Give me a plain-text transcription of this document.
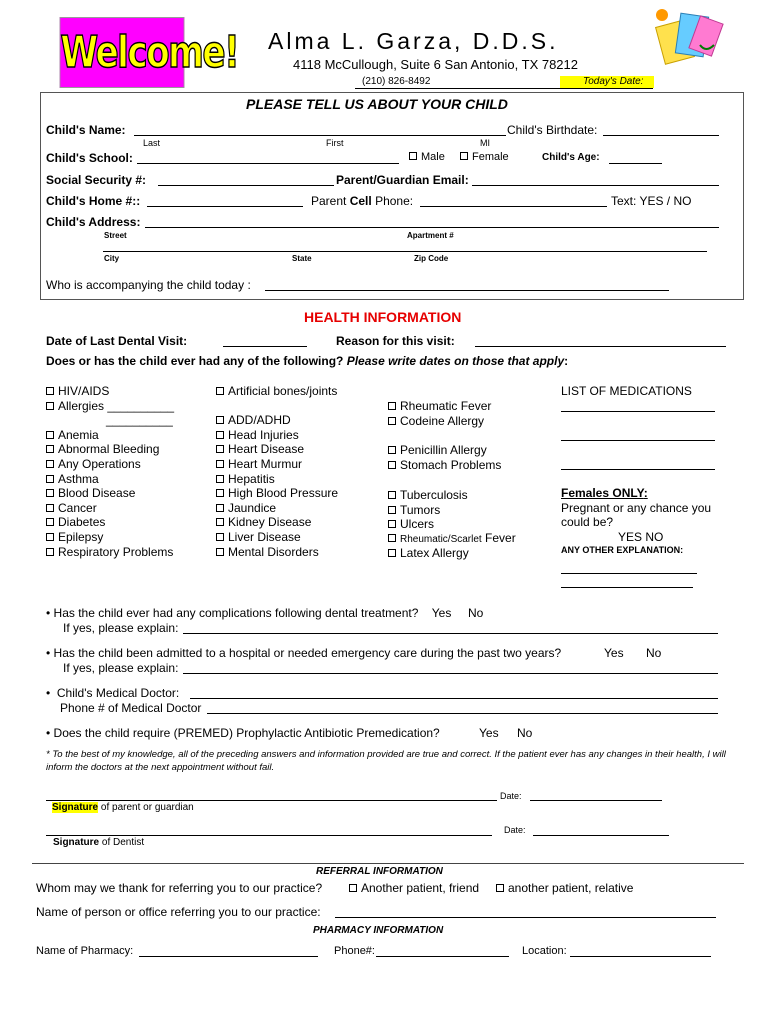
Welcome! Alma L. Garza, D.D.S.
4118 McCullough, Suite 6 San Antonio, TX 78212
(210) 826-8492	Today's Date:
PLEASE TELL US ABOUT YOUR CHILD
Child's Name:	Child's Birthdate:
Last	First	MI
Child's School:	Male	Female	Child's Age:
Social Security #:	Parent/Guardian Email:
Child's Home #::	Parent Cell Phone:	Text: YES / NO
Child's Address:
Street	Apartment #
City	State	Zip Code
Who is accompanying the child today :
HEALTH INFORMATION
Date of Last Dental Visit:	Reason for this visit:
Does or has the child ever had any of the following? Please write dates on those that apply:
HIV/AIDS
Allergies __________
__________
Anemia
Abnormal Bleeding
Any Operations
Asthma
Blood Disease
Cancer
Diabetes
Epilepsy
Respiratory Problems
Artificial bones/joints
ADD/ADHD
Head Injuries
Heart Disease
Heart Murmur
Hepatitis
High Blood Pressure
Jaundice
Kidney Disease
Liver Disease
Mental Disorders
Rheumatic Fever
Codeine Allergy
Penicillin Allergy
Stomach Problems
Tuberculosis
Tumors
Ulcers
Rheumatic/Scarlet Fever
Latex Allergy
LIST OF MEDICATIONS
Females ONLY:
Pregnant or any chance you
could be?
YES NO
ANY OTHER EXPLANATION:
• Has the child ever had any complications following dental treatment? Yes No
If yes, please explain:
• Has the child been admitted to a hospital or needed emergency care during the past two years?	Yes No
If yes, please explain:
•  Child's Medical Doctor:
Phone # of Medical Doctor
• Does the child require (PREMED) Prophylactic Antibiotic Premedication?	Yes No
* To the best of my knowledge, all of the preceding answers and information provided are true and correct. If the patient ever has any changes in their health, I will inform the doctors at the next appointment without fail.
Date:
Signature of parent or guardian
Date:
Signature of Dentist
REFERRAL INFORMATION
Whom may we thank for referring you to our practice?	Another patient, friend	another patient, relative
Name of person or office referring you to our practice:
PHARMACY INFORMATION
Name of Pharmacy:	Phone#:	Location:
